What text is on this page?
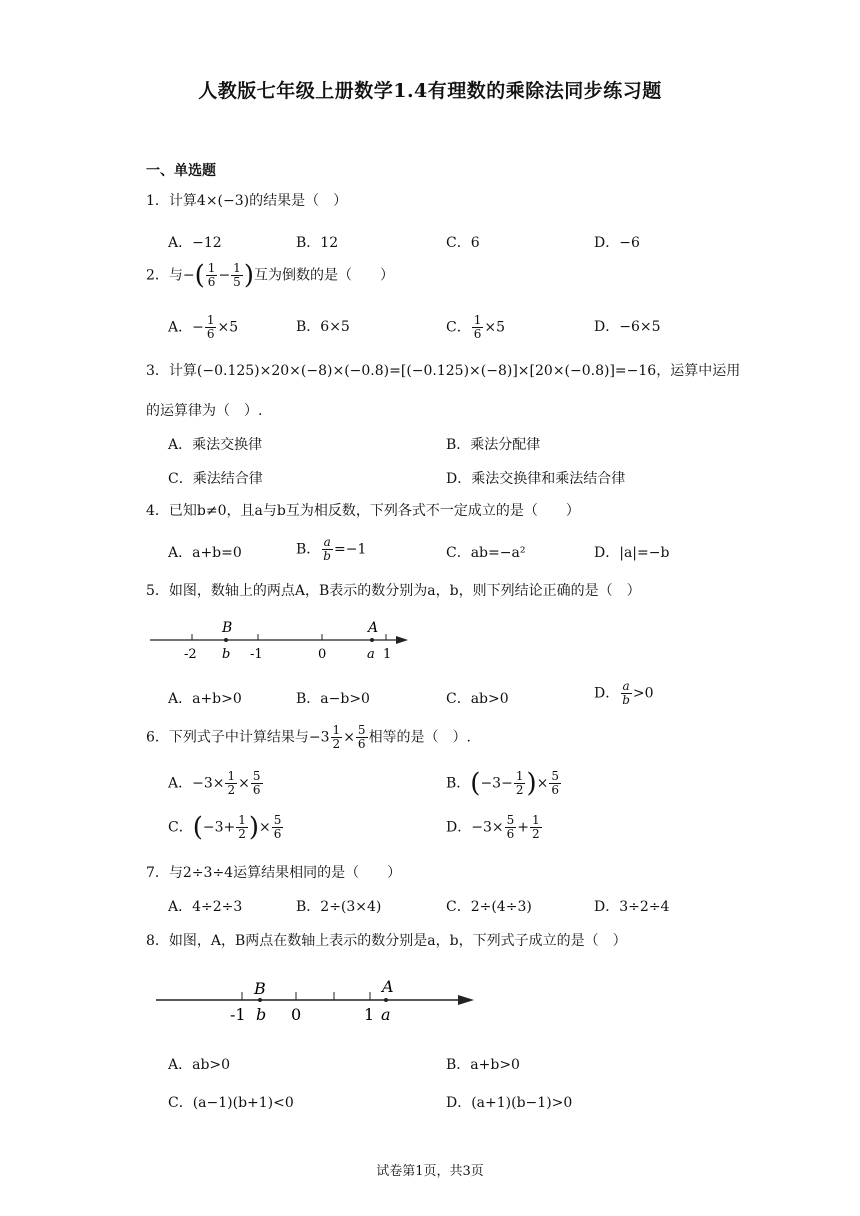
人教版七年级上册数学1.4有理数的乘除法同步练习题
一、单选题
1．计算4×(−3)的结果是（　）
A．−12	B．12	C．6	D．−6
2．与−( $\frac{1}{6} - \frac{1}{5}$ )互为倒数的是（　　）
A．− $\frac{1}{6} \times 5$	B．6×5	C． $\frac{1}{6} \times 5$	D．−6×5
3．计算(−0.125)×20×(−8)×(−0.8)=[(−0.125)×(−8)]×[20×(−0.8)]=−16，运算中运用
的运算律为（　）.
A．乘法交换律	B．乘法分配律
C．乘法结合律	D．乘法交换律和乘法结合律
4．已知b≠0，且a与b互为相反数，下列各式不一定成立的是（　　）
A．a+b=0	B． $\frac{a}{b} =-1$	C．ab=−a²	D．|a|=−b
5．如图，数轴上的两点A，B表示的数分别为a，b，则下列结论正确的是（　）
B	A
-2 b -1	0	a 1
A．a+b>0	B．a−b>0	C．ab>0	D． $\frac{a}{b} >0$
6．下列式子中计算结果与$-3 \frac{1}{2} \times \frac{5}{6}$ 相等的是（　）.
A．$-3\times \frac{1}{2} \times \frac{5}{6}$	B．($-3- \frac{1}{2}$ )× $\frac{5}{6}$
C．($-3+ \frac{1}{2}$ )× $\frac{5}{6}$	D．$-3\times \frac{5}{6} + \frac{1}{2}$
7．与2÷3÷4运算结果相同的是（　　）
A．4÷2÷3	B．2÷(3×4)	C．2÷(4÷3)	D．3÷2÷4
8．如图，A，B两点在数轴上表示的数分别是a，b，下列式子成立的是（　）
B	A
-1 b 0	1 a
A．ab>0	B．a+b>0
C．(a−1)(b+1)<0	D．(a+1)(b−1)>0
试卷第1页，共3页
